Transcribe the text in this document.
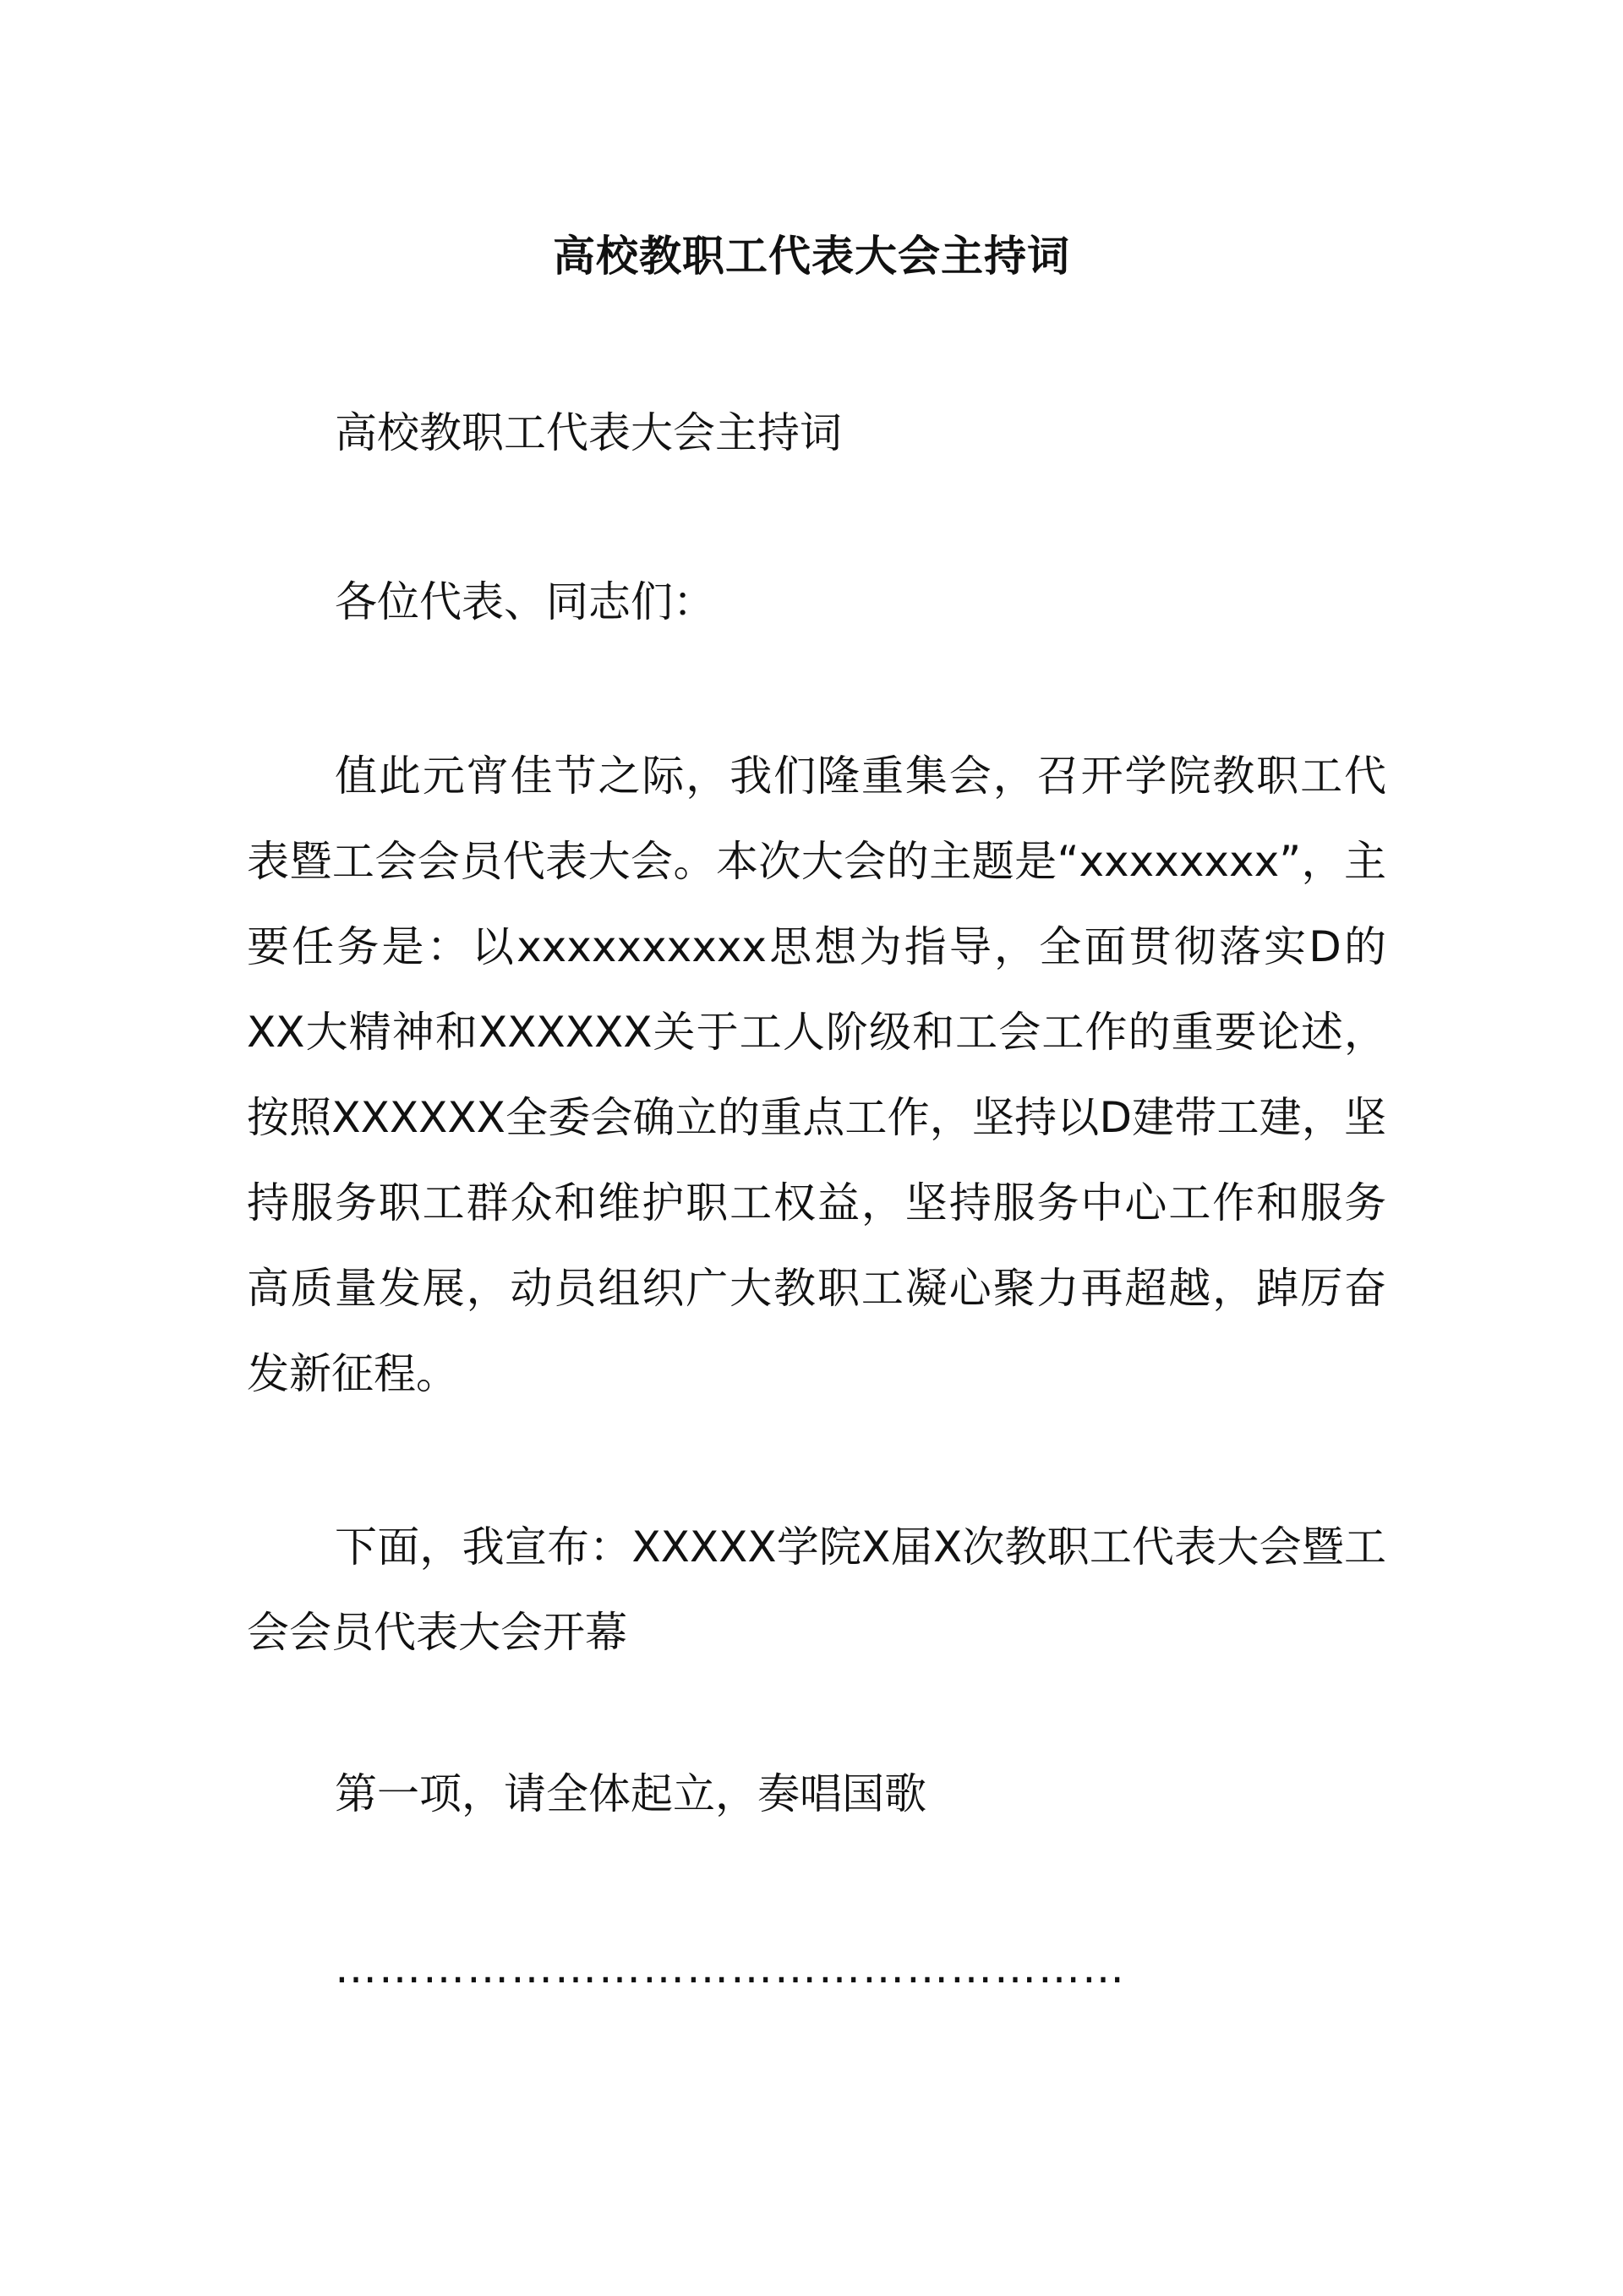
高校教职工代表大会主持词

高校教职工代表大会主持词

各位代表、同志们：

值此元宵佳节之际，我们隆重集会，召开学院教职工代表暨工会会员代表大会。本次大会的主题是“xxxxxxxx”，主要任务是：以xxxxxxxxxx思想为指导，全面贯彻落实D的XX大精神和XXXXXX关于工人阶级和工会工作的重要论述，按照XXXXXX全委会确立的重点工作，坚持以D建带工建，坚持服务职工群众和维护职工权益，坚持服务中心工作和服务高质量发展，动员组织广大教职工凝心聚力再超越，踔厉奋发新征程。

下面，我宣布：XXXXX学院X届X次教职工代表大会暨工会会员代表大会开幕

第一项，请全体起立，奏唱国歌

………………………………………………
